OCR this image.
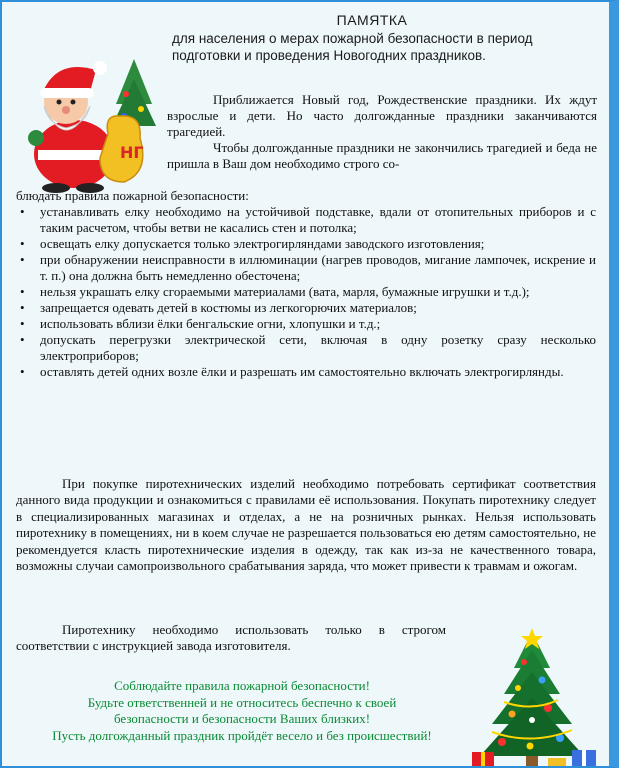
НГ
ПАМЯТКА
для населения о мерах пожарной безопасности в период подготовки и проведения Новогодних праздников.

Приближается Новый год, Рождественские праздники. Их ждут взрослые и дети. Но часто долгожданные праздники заканчиваются трагедией.

Чтобы долгожданные праздники не закончились трагедией и беда не пришла в Ваш дом необходимо строго со-

блюдать правила пожарной безопасности:
• устанавливать елку необходимо на устойчивой подставке, вдали от отопительных приборов и с таким расчетом, чтобы ветви не касались стен и потолка;
• освещать елку допускается только электрогирляндами заводского изготовления;
• при обнаружении неисправности в иллюминации (нагрев проводов, мигание лампочек, искрение и т. п.) она должна быть немедленно обесточена;
• нельзя украшать елку сгораемыми материалами (вата, марля, бумажные игрушки и т.д.);
• запрещается одевать детей в костюмы из легкогорючих материалов;
• использовать вблизи ёлки бенгальские огни, хлопушки и т.д.;
• допускать перегрузки электрической сети, включая в одну розетку сразу несколько электроприборов;
• оставлять детей одних возле ёлки и разрешать им самостоятельно включать электрогирлянды.

При покупке пиротехнических изделий необходимо потребовать сертификат соответствия данного вида продукции и ознакомиться с правилами её использования. Покупать пиротехнику следует в специализированных магазинах и отделах, а не на розничных рынках. Нельзя использовать пиротехнику в помещениях, ни в коем случае не разрешается пользоваться ею детям самостоятельно, не рекомендуется класть пиротехнические изделия в одежду, так как из-за не качественного товара, возможны случаи самопроизвольного срабатывания заряда, что может привести к травмам и ожогам.

Пиротехнику необходимо использовать только в строгом соответствии с инструкцией завода изготовителя.

Соблюдайте правила пожарной безопасности!
Будьте ответственней и не относитесь беспечно к своей
безопасности и безопасности Ваших близких!
Пусть долгожданный праздник пройдёт весело и без происшествий!
